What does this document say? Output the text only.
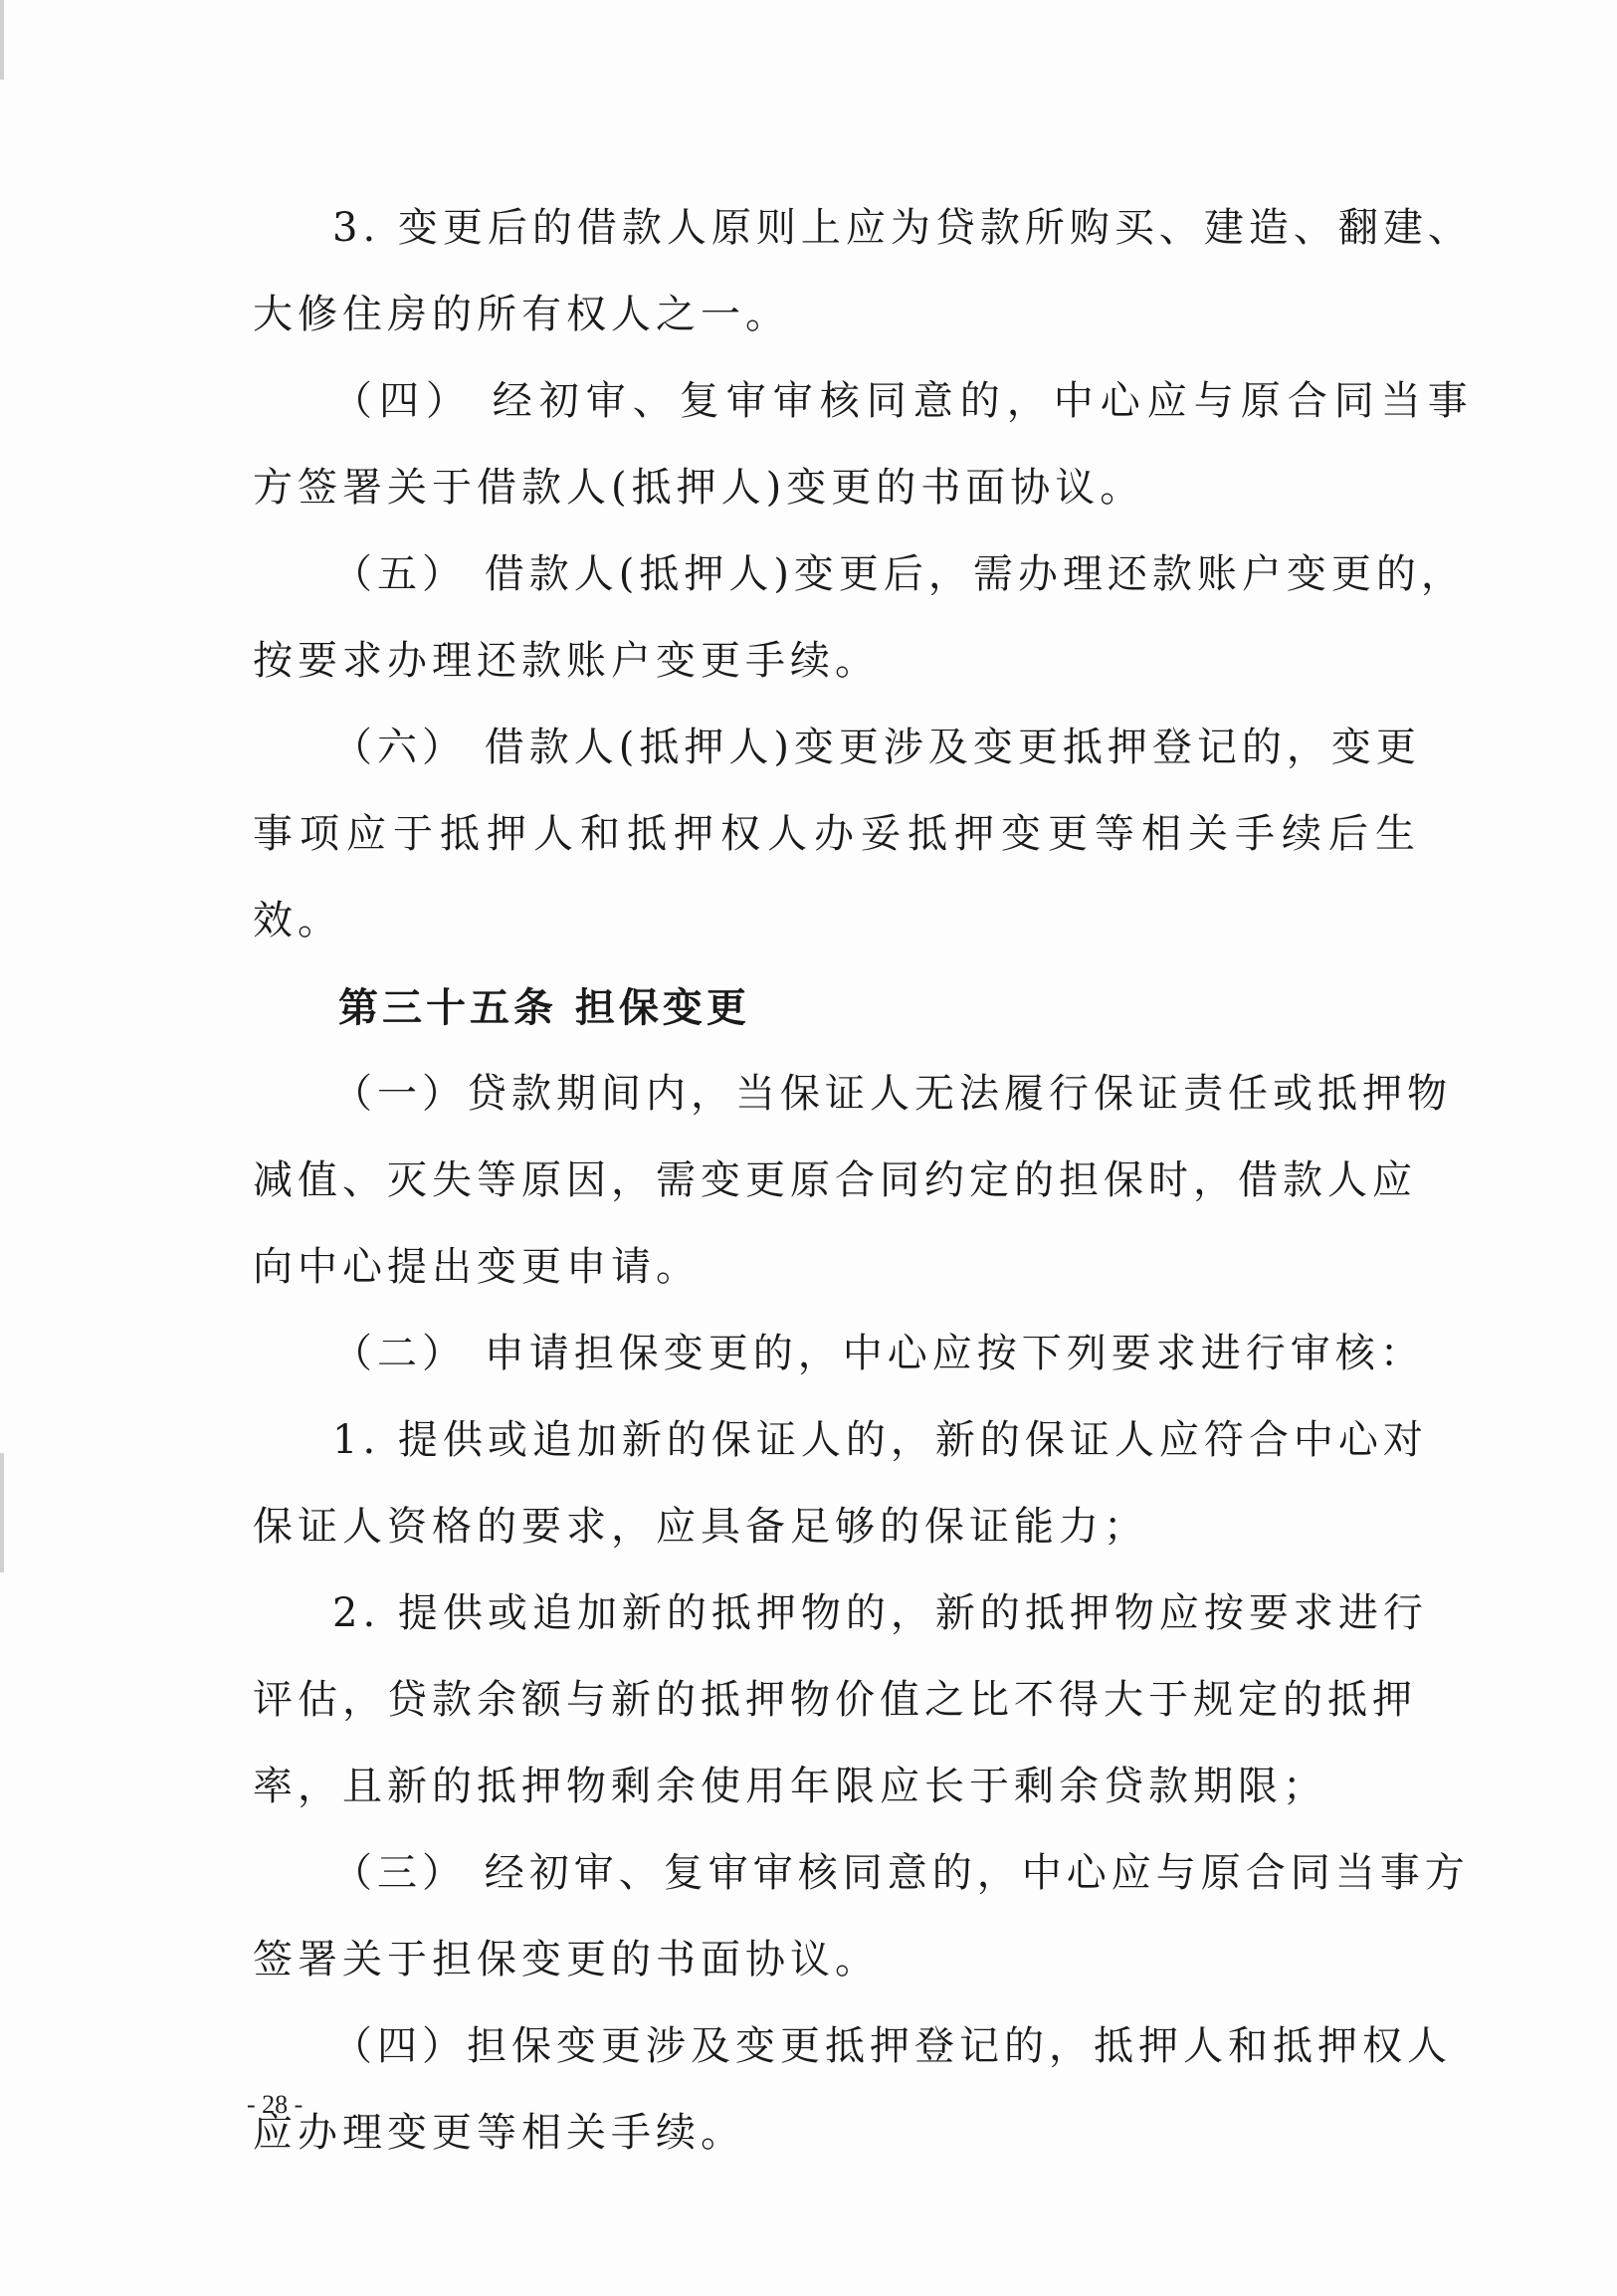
3. 变更后的借款人原则上应为贷款所购买、建造、翻建、
大修住房的所有权人之一。
（四） 经初审、复审审核同意的，中心应与原合同当事
方签署关于借款人(抵押人)变更的书面协议。
（五） 借款人(抵押人)变更后，需办理还款账户变更的，
按要求办理还款账户变更手续。
（六） 借款人(抵押人)变更涉及变更抵押登记的，变更
事项应于抵押人和抵押权人办妥抵押变更等相关手续后生
效。
第三十五条 担保变更
（一）贷款期间内，当保证人无法履行保证责任或抵押物
减值、灭失等原因，需变更原合同约定的担保时，借款人应
向中心提出变更申请。
（二） 申请担保变更的，中心应按下列要求进行审核：
1. 提供或追加新的保证人的，新的保证人应符合中心对
保证人资格的要求，应具备足够的保证能力；
2. 提供或追加新的抵押物的，新的抵押物应按要求进行
评估，贷款余额与新的抵押物价值之比不得大于规定的抵押
率，且新的抵押物剩余使用年限应长于剩余贷款期限；
（三） 经初审、复审审核同意的，中心应与原合同当事方
签署关于担保变更的书面协议。
（四）担保变更涉及变更抵押登记的，抵押人和抵押权人
应办理变更等相关手续。
- 28 -
